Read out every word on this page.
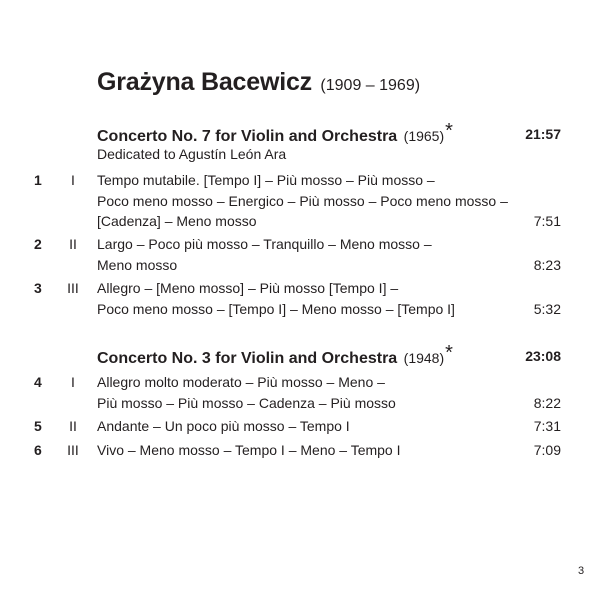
Grażyna Bacewicz (1909 – 1969)
Concerto No. 7 for Violin and Orchestra (1965)*	21:57
Dedicated to Agustín León Ara
1	I	Tempo mutabile. [Tempo I] – Più mosso – Più mosso –
Poco meno mosso – Energico – Più mosso – Poco meno mosso –
[Cadenza] – Meno mosso	7:51
2	II	Largo – Poco più mosso – Tranquillo – Meno mosso –
Meno mosso	8:23
3	III	Allegro – [Meno mosso] – Più mosso [Tempo I] –
Poco meno mosso – [Tempo I] – Meno mosso – [Tempo I]	5:32
Concerto No. 3 for Violin and Orchestra (1948)*	23:08
4	I	Allegro molto moderato – Più mosso – Meno –
Più mosso – Più mosso – Cadenza – Più mosso	8:22
5	II	Andante – Un poco più mosso – Tempo I	7:31
6	III	Vivo – Meno mosso – Tempo I – Meno – Tempo I	7:09
3
